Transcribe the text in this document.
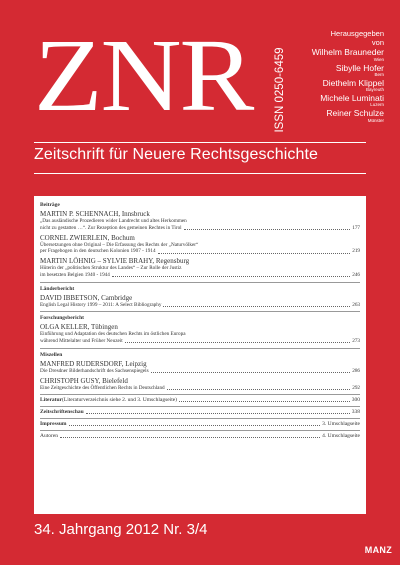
ZNR ISSN 0250-6459
Herausgegeben
von
Wilhelm Brauneder
Wien
Sibylle Hofer
Bern
Diethelm Klippel
Bayreuth
Michele Luminati
Luzern
Reiner Schulze
Münster
Zeitschrift für Neuere Rechtsgeschichte
Beiträge
MARTIN P. SCHENNACH, Innsbruck
„Das ausländische Prozedieren wider Landrecht und altes Herkommen
nicht zu gestatten …“. Zur Rezeption des gemeinen Rechtes in Tirol	177
CORNEL ZWIERLEIN, Bochum
Übersetzungen ohne Original – Die Erfassung des Rechts der „Naturvölker“
per Fragebogen in den deutschen Kolonien 1907 - 1914	219
MARTIN LÖHNIG – SYLVIE BRAHY, Regensburg
Hüterin der „politischen Struktur des Landes“ – Zur Rolle der Justiz
im besetzten Belgien 1940 - 1944	246
Länderbericht
DAVID IBBETSON, Cambridge
English Legal History 1999 – 2011: A Select Bibliography	263
Forschungsbericht
OLGA KELLER, Tübingen
Einführung und Adaptation des deutschen Rechts im östlichen Europa
während Mittelalter und Früher Neuzeit	273
Miszellen
MANFRED RUDERSDORF, Leipzig
Die Dresdner Bilderhandschrift des Sachsenspiegels	286
CHRISTOPH GUSY, Bielefeld
Eine Zeitgeschichte des Öffentlichen Rechts in Deutschland	292
Literatur (Literaturverzeichnis siehe 2. und 3. Umschlagseite)	300
Zeitschriftenschau	338
Impressum	3. Umschlagseite
Autoren	4. Umschlagseite
34. Jahrgang 2012 Nr. 3/4
MANZ
